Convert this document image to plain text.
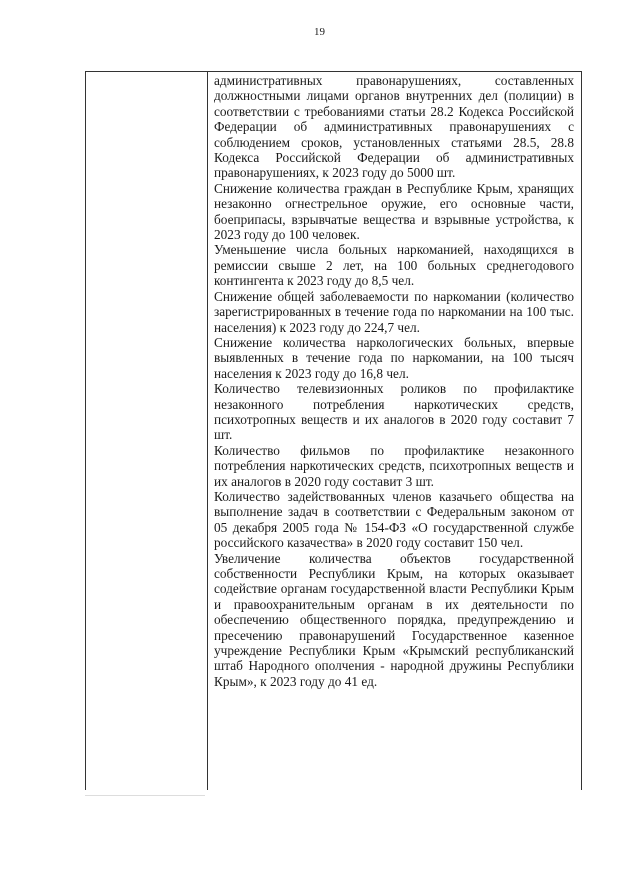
19

административных правонарушениях, составленных должностными лицами органов внутренних дел (полиции) в соответствии с требованиями статьи 28.2 Кодекса Российской Федерации об административных правонарушениях с соблюдением сроков, установленных статьями 28.5, 28.8 Кодекса Российской Федерации об административных правонарушениях, к 2023 году до 5000 шт.

Снижение количества граждан в Республике Крым, хранящих незаконно огнестрельное оружие, его основные части, боеприпасы, взрывчатые вещества и взрывные устройства, к 2023 году до 100 человек.

Уменьшение числа больных наркоманией, находящихся в ремиссии свыше 2 лет, на 100 больных среднегодового контингента к 2023 году до 8,5 чел.

Снижение общей заболеваемости по наркомании (количество зарегистрированных в течение года по наркомании на 100 тыс. населения) к 2023 году до 224,7 чел.

Снижение количества наркологических больных, впервые выявленных в течение года по наркомании, на 100 тысяч населения к 2023 году до 16,8 чел.

Количество телевизионных роликов по профилактике незаконного потребления наркотических средств, психотропных веществ и их аналогов в 2020 году составит 7 шт.

Количество фильмов по профилактике незаконного потребления наркотических средств, психотропных веществ и их аналогов в 2020 году составит 3 шт.

Количество задействованных членов казачьего общества на выполнение задач в соответствии с Федеральным законом от 05 декабря 2005 года № 154-ФЗ «О государственной службе российского казачества» в 2020 году составит 150 чел.

Увеличение количества объектов государственной собственности Республики Крым, на которых оказывает содействие органам государственной власти Республики Крым и правоохранительным органам в их деятельности по обеспечению общественного порядка, предупреждению и пресечению правонарушений Государственное казенное учреждение Республики Крым «Крымский республиканский штаб Народного ополчения - народной дружины Республики Крым», к 2023 году до 41 ед.
